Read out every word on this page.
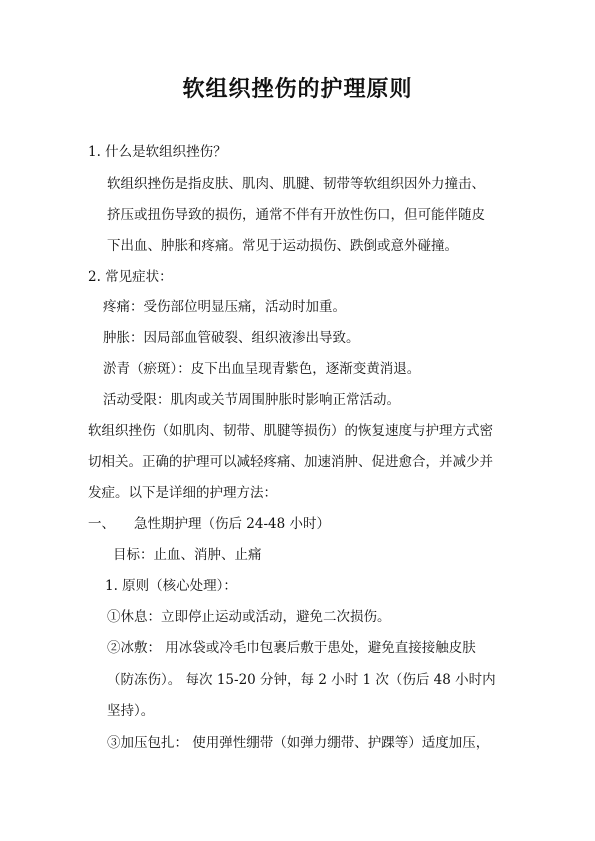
软组织挫伤的护理原则
1. 什么是软组织挫伤？
软组织挫伤是指皮肤、肌肉、肌腱、韧带等软组织因外力撞击、
挤压或扭伤导致的损伤，通常不伴有开放性伤口，但可能伴随皮
下出血、肿胀和疼痛。常见于运动损伤、跌倒或意外碰撞。
2. 常见症状：
疼痛：受伤部位明显压痛，活动时加重。
肿胀：因局部血管破裂、组织液渗出导致。
淤青（瘀斑）：皮下出血呈现青紫色，逐渐变黄消退。
活动受限：肌肉或关节周围肿胀时影响正常活动。
软组织挫伤（如肌肉、韧带、肌腱等损伤）的恢复速度与护理方式密
切相关。正确的护理可以减轻疼痛、加速消肿、促进愈合，并减少并
发症。以下是详细的护理方法：
一、 急性期护理（伤后 24-48 小时）
目标：止血、消肿、止痛
1. 原则（核心处理）：
①休息：立即停止运动或活动，避免二次损伤。
②冰敷： 用冰袋或冷毛巾包裹后敷于患处，避免直接接触皮肤
（防冻伤）。 每次 15-20 分钟，每 2 小时 1 次（伤后 48 小时内
坚持）。
③加压包扎： 使用弹性绷带（如弹力绷带、护踝等）适度加压，
